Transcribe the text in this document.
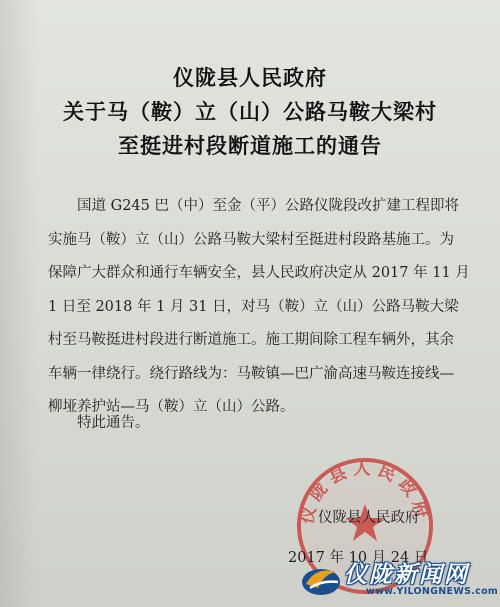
仪陇县人民政府
关于马（鞍）立（山）公路马鞍大梁村
至挺进村段断道施工的通告
国道 G245 巴（中）至金（平）公路仪陇段改扩建工程即将
实施马（鞍）立（山）公路马鞍大梁村至挺进村段路基施工。为
保障广大群众和通行车辆安全，县人民政府决定从 2017 年 11 月
1 日至 2018 年 1 月 31 日，对马（鞍）立（山）公路马鞍大梁
村至马鞍挺进村段进行断道施工。施工期间除工程车辆外，其余
车辆一律绕行。绕行路线为：马鞍镇—巴广渝高速马鞍连接线—
柳垭养护站—马（鞍）立（山）公路。
特此通告。
仪陇县人民政府
仪陇县人民政府
2017 年 10 月 24 日
仪陇新闻网
www.YILONGNEWS.com
